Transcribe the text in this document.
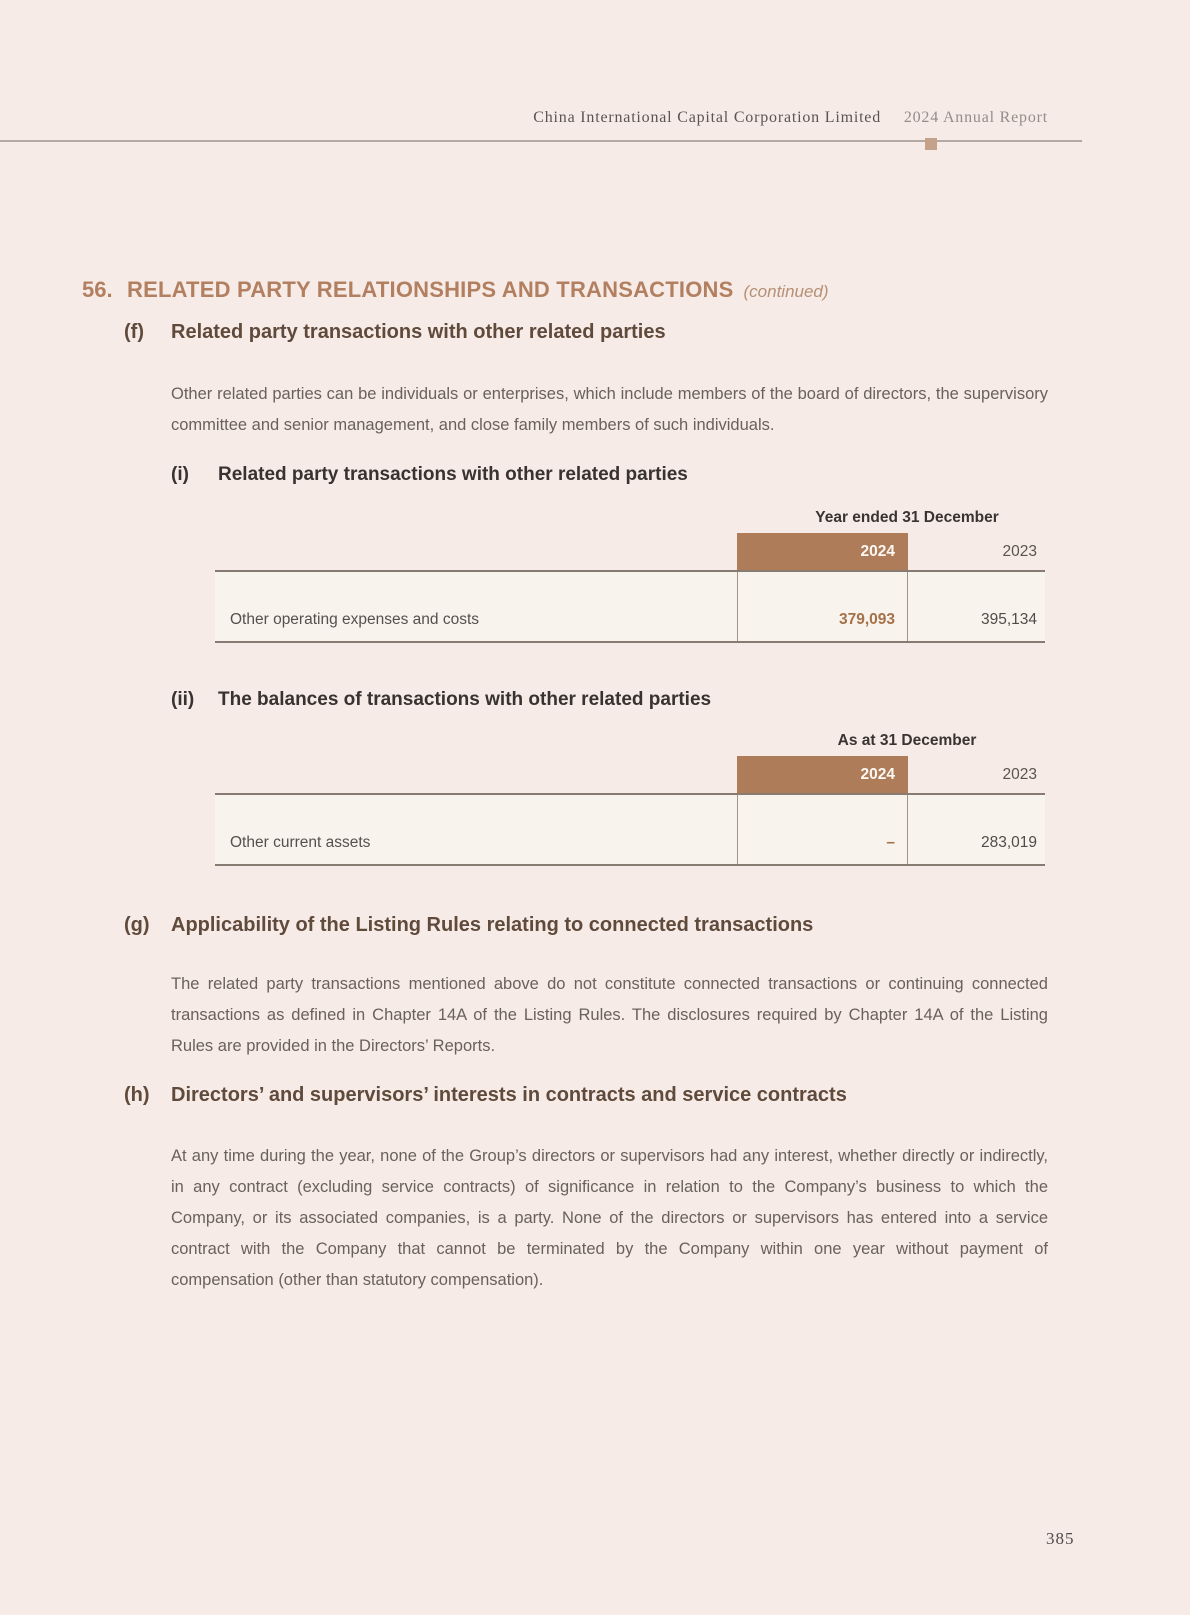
China International Capital Corporation Limited 2024 Annual Report
56. RELATED PARTY RELATIONSHIPS AND TRANSACTIONS (continued)
(f)	Related party transactions with other related parties

Other related parties can be individuals or enterprises, which include members of the board of directors, the supervisory committee and senior management, and close family members of such individuals.

(i)	Related party transactions with other related parties
Year ended 31 December
2024	2023
Other operating expenses and costs	379,093	395,134
(ii)	The balances of transactions with other related parties
As at 31 December
2024	2023
Other current assets	–	283,019
(g)	Applicability of the Listing Rules relating to connected transactions

The related party transactions mentioned above do not constitute connected transactions or continuing connected transactions as defined in Chapter 14A of the Listing Rules. The disclosures required by Chapter 14A of the Listing Rules are provided in the Directors’ Reports.

(h)	Directors’ and supervisors’ interests in contracts and service contracts

At any time during the year, none of the Group’s directors or supervisors had any interest, whether directly or indirectly, in any contract (excluding service contracts) of significance in relation to the Company’s business to which the Company, or its associated companies, is a party. None of the directors or supervisors has entered into a service contract with the Company that cannot be terminated by the Company within one year without payment of compensation (other than statutory compensation).

385
